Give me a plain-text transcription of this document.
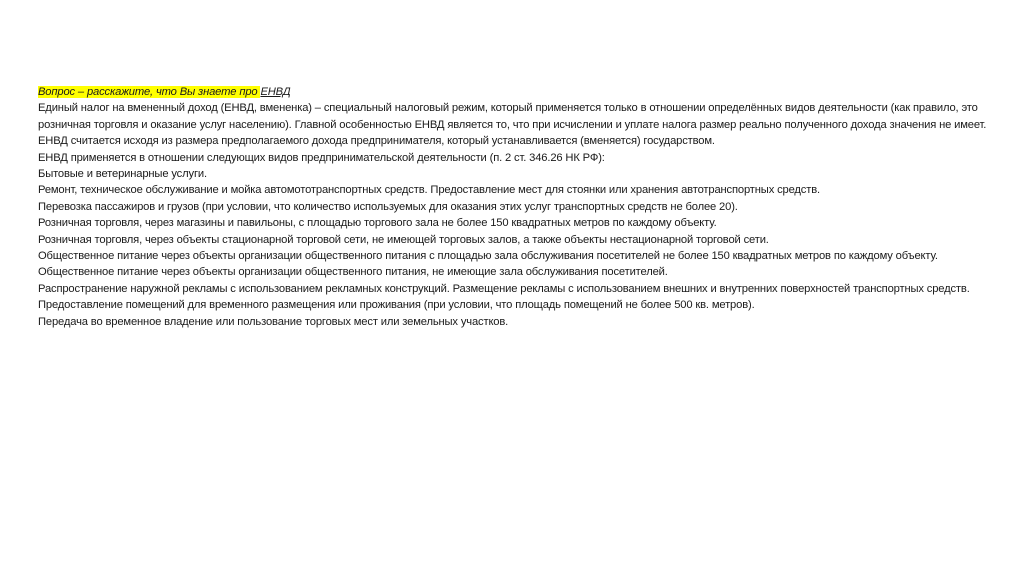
Вопрос – расскажите, что Вы знаете про ЕНВД

Единый налог на вмененный доход (ЕНВД, вмененка) – специальный налоговый режим, который применяется только в отношении определённых видов деятельности (как правило, это розничная торговля и оказание услуг населению). Главной особенностью ЕНВД является то, что при исчислении и уплате налога размер реально полученного дохода значения не имеет.

ЕНВД считается исходя из размера предполагаемого дохода предпринимателя, который устанавливается (вменяется) государством.

ЕНВД применяется в отношении следующих видов предпринимательской деятельности (п. 2 ст. 346.26 НК РФ):

Бытовые и ветеринарные услуги.

Ремонт, техническое обслуживание и мойка автомототранспортных средств. Предоставление мест для стоянки или хранения автотранспортных средств.

Перевозка пассажиров и грузов (при условии, что количество используемых для оказания этих услуг транспортных средств не более 20).

Розничная торговля, через магазины и павильоны, с площадью торгового зала не более 150 квадратных метров по каждому объекту.

Розничная торговля, через объекты стационарной торговой сети, не имеющей торговых залов, а также объекты нестационарной торговой сети.

Общественное питание через объекты организации общественного питания с площадью зала обслуживания посетителей не более 150 квадратных метров по каждому объекту.

Общественное питание через объекты организации общественного питания, не имеющие зала обслуживания посетителей.

Распространение наружной рекламы с использованием рекламных конструкций. Размещение рекламы с использованием внешних и внутренних поверхностей транспортных средств.

Предоставление помещений для временного размещения или проживания (при условии, что площадь помещений не более 500 кв. метров).

Передача во временное владение или пользование торговых мест или земельных участков.
